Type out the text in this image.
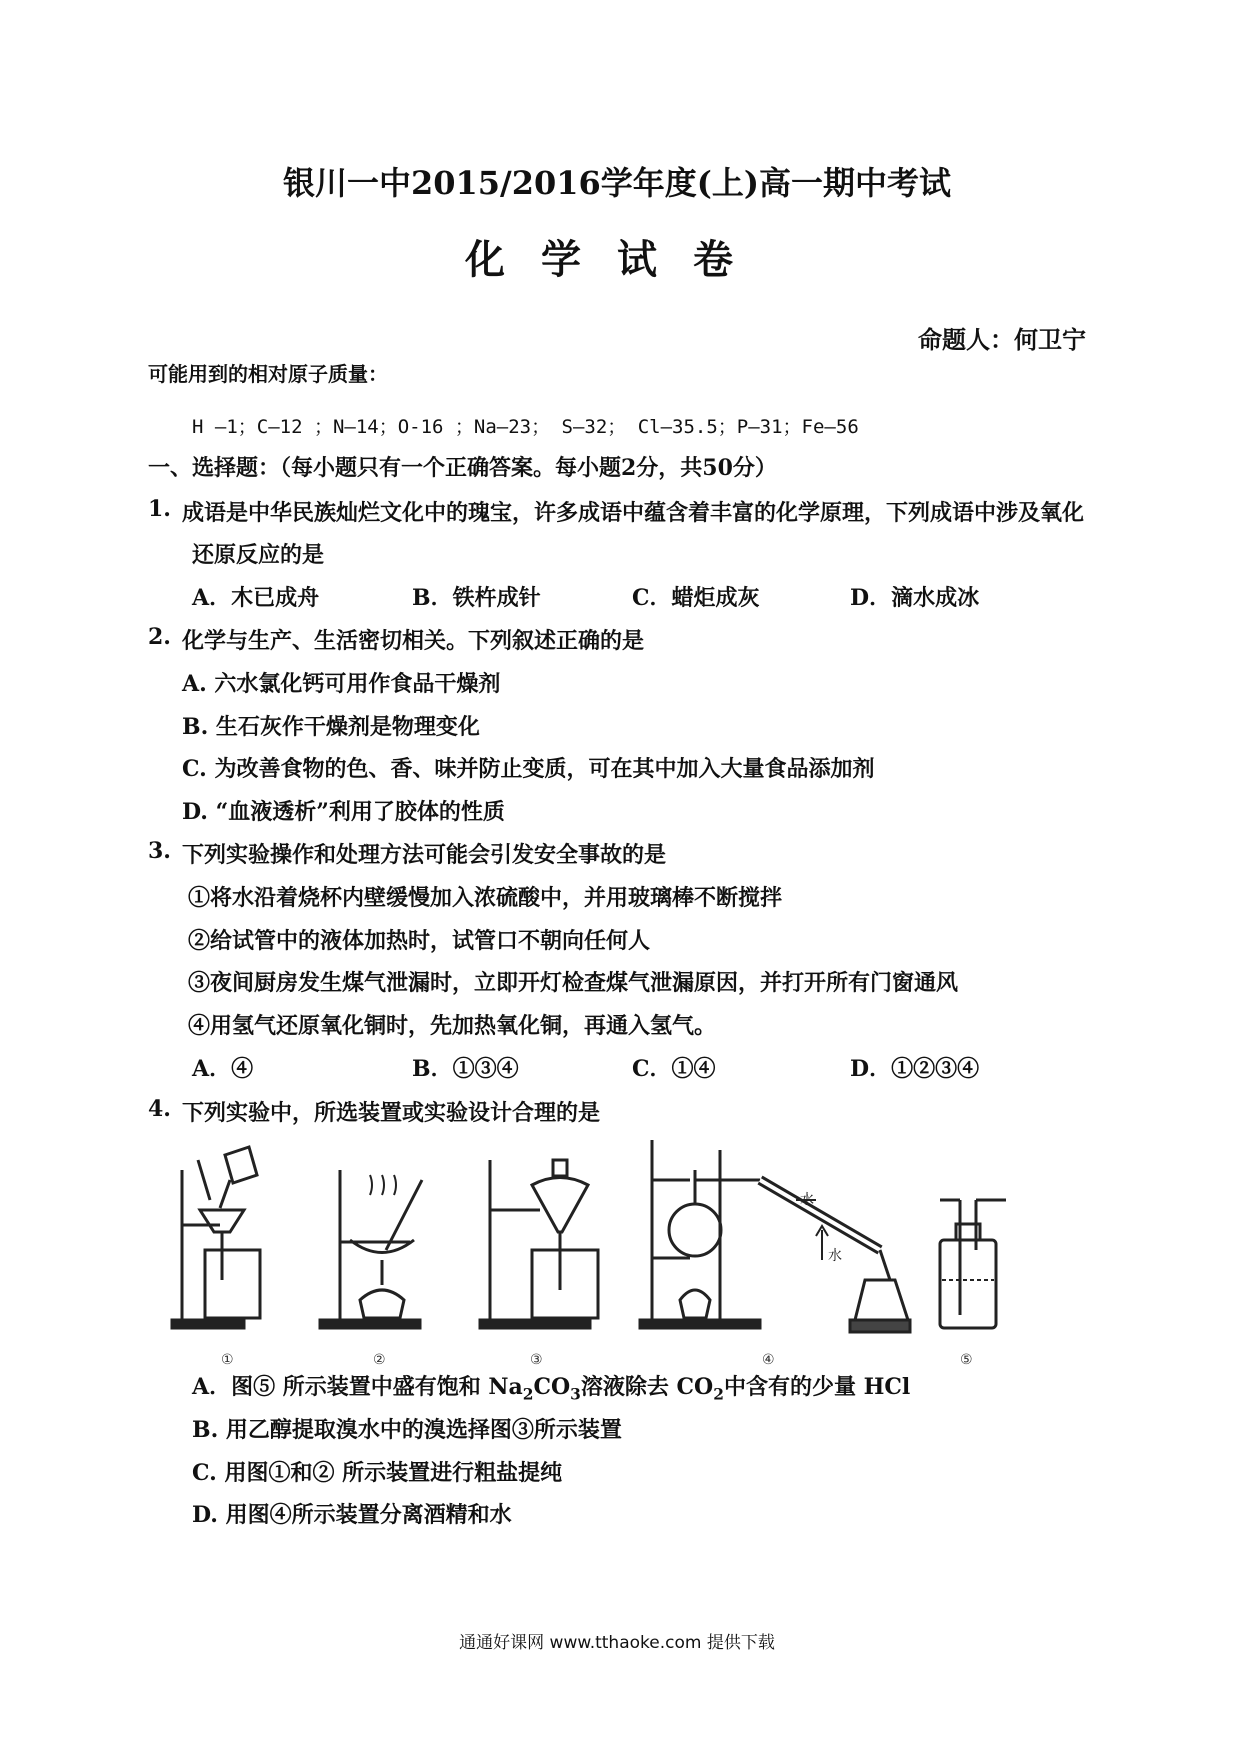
银川一中2015/2016学年度(上)高一期中考试
化学试卷
命题人：何卫宁
可能用到的相对原子质量：
H —1；C—12 ；N—14；O-16 ；Na—23； S—32； Cl—35.5；P—31；Fe—56
一、选择题：（每小题只有一个正确答案。每小题2分，共50分）
1. 成语是中华民族灿烂文化中的瑰宝，许多成语中蕴含着丰富的化学原理，下列成语中涉及氧化
还原反应的是
A．木已成舟	B．铁杵成针	C．蜡炬成灰	D．滴水成冰
2. 化学与生产、生活密切相关。下列叙述正确的是
A. 六水氯化钙可用作食品干燥剂
B. 生石灰作干燥剂是物理变化
C. 为改善食物的色、香、味并防止变质，可在其中加入大量食品添加剂
D. “血液透析”利用了胶体的性质
3. 下列实验操作和处理方法可能会引发安全事故的是
①将水沿着烧杯内壁缓慢加入浓硫酸中，并用玻璃棒不断搅拌
②给试管中的液体加热时，试管口不朝向任何人
③夜间厨房发生煤气泄漏时，立即开灯检查煤气泄漏原因，并打开所有门窗通风
④用氢气还原氧化铜时，先加热氧化铜，再通入氢气。
A．④	B．①③④	C．①④	D．①②③④
4. 下列实验中，所选装置或实验设计合理的是
水
水
①	②	③	④	⑤
A．图⑤ 所示装置中盛有饱和 $Na_2CO_3$溶液除去 $CO_2$中含有的少量 HCl
B. 用乙醇提取溴水中的溴选择图③所示装置
C. 用图①和② 所示装置进行粗盐提纯
D. 用图④所示装置分离酒精和水
通通好课网 www.tthaoke.com 提供下载
